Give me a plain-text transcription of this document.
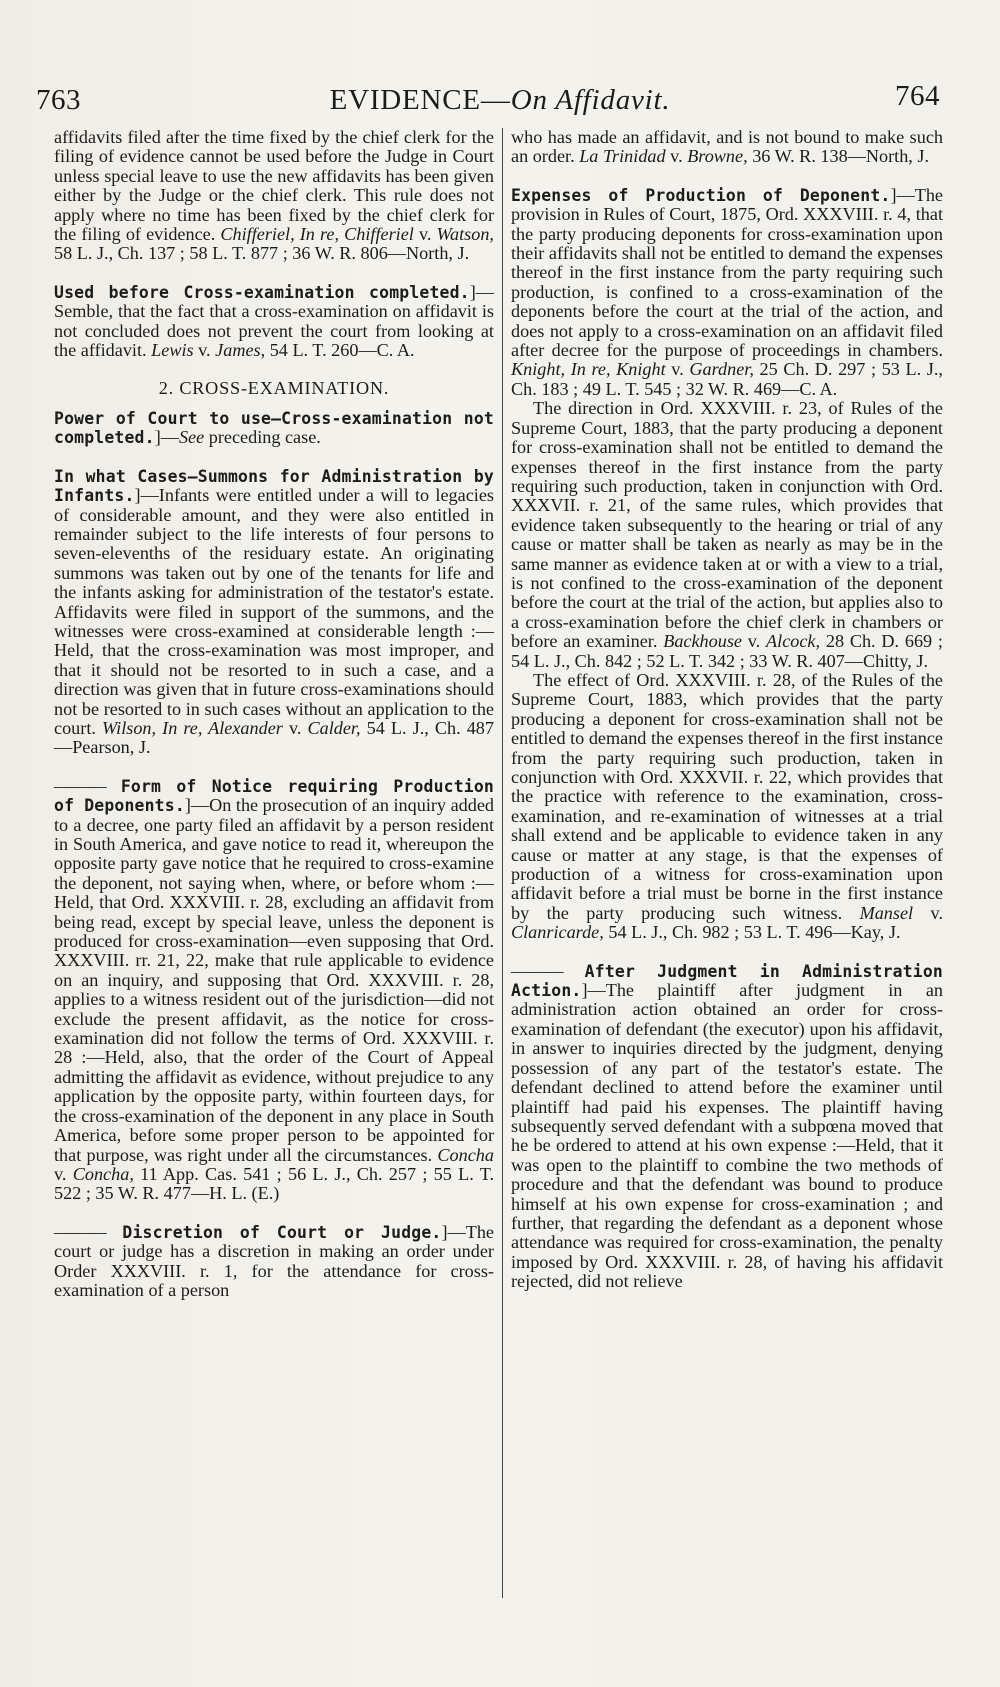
763	EVIDENCE—On Affidavit.	764

affidavits filed after the time fixed by the chief clerk for the filing of evidence cannot be used before the Judge in Court unless special leave to use the new affidavits has been given either by the Judge or the chief clerk. This rule does not apply where no time has been fixed by the chief clerk for the filing of evidence. Chifferiel, In re, Chifferiel v. Watson, 58 L. J., Ch. 137 ; 58 L. T. 877 ; 36 W. R. 806—North, J.

Used before Cross-examination completed.]—Semble, that the fact that a cross-examination on affidavit is not concluded does not prevent the court from looking at the affidavit. Lewis v. James, 54 L. T. 260—C. A.

2. CROSS-EXAMINATION.

Power of Court to use—Cross-examination not completed.]—See preceding case.

In what Cases—Summons for Administration by Infants.]—Infants were entitled under a will to legacies of considerable amount, and they were also entitled in remainder subject to the life interests of four persons to seven-elevenths of the residuary estate. An originating summons was taken out by one of the tenants for life and the infants asking for administration of the testator's estate. Affidavits were filed in support of the summons, and the witnesses were cross-examined at considerable length :—Held, that the cross-examination was most improper, and that it should not be resorted to in such a case, and a direction was given that in future cross-examinations should not be resorted to in such cases without an application to the court. Wilson, In re, Alexander v. Calder, 54 L. J., Ch. 487—Pearson, J.

——— Form of Notice requiring Production of Deponents.]—On the prosecution of an inquiry added to a decree, one party filed an affidavit by a person resident in South America, and gave notice to read it, whereupon the opposite party gave notice that he required to cross-examine the deponent, not saying when, where, or before whom :—Held, that Ord. XXXVIII. r. 28, excluding an affidavit from being read, except by special leave, unless the deponent is produced for cross-examination—even supposing that Ord. XXXVIII. rr. 21, 22, make that rule applicable to evidence on an inquiry, and supposing that Ord. XXXVIII. r. 28, applies to a witness resident out of the jurisdiction—did not exclude the present affidavit, as the notice for cross-examination did not follow the terms of Ord. XXXVIII. r. 28 :—Held, also, that the order of the Court of Appeal admitting the affidavit as evidence, without prejudice to any application by the opposite party, within fourteen days, for the cross-examination of the deponent in any place in South America, before some proper person to be appointed for that purpose, was right under all the circumstances. Concha v. Concha, 11 App. Cas. 541 ; 56 L. J., Ch. 257 ; 55 L. T. 522 ; 35 W. R. 477—H. L. (E.)

——— Discretion of Court or Judge.]—The court or judge has a discretion in making an order under Order XXXVIII. r. 1, for the attendance for cross-examination of a person

who has made an affidavit, and is not bound to make such an order. La Trinidad v. Browne, 36 W. R. 138—North, J.

Expenses of Production of Deponent.]—The provision in Rules of Court, 1875, Ord. XXXVIII. r. 4, that the party producing deponents for cross-examination upon their affidavits shall not be entitled to demand the expenses thereof in the first instance from the party requiring such production, is confined to a cross-examination of the deponents before the court at the trial of the action, and does not apply to a cross-examination on an affidavit filed after decree for the purpose of proceedings in chambers. Knight, In re, Knight v. Gardner, 25 Ch. D. 297 ; 53 L. J., Ch. 183 ; 49 L. T. 545 ; 32 W. R. 469—C. A.

The direction in Ord. XXXVIII. r. 23, of Rules of the Supreme Court, 1883, that the party producing a deponent for cross-examination shall not be entitled to demand the expenses thereof in the first instance from the party requiring such production, taken in conjunction with Ord. XXXVII. r. 21, of the same rules, which provides that evidence taken subsequently to the hearing or trial of any cause or matter shall be taken as nearly as may be in the same manner as evidence taken at or with a view to a trial, is not confined to the cross-examination of the deponent before the court at the trial of the action, but applies also to a cross-examination before the chief clerk in chambers or before an examiner. Backhouse v. Alcock, 28 Ch. D. 669 ; 54 L. J., Ch. 842 ; 52 L. T. 342 ; 33 W. R. 407—Chitty, J.

The effect of Ord. XXXVIII. r. 28, of the Rules of the Supreme Court, 1883, which provides that the party producing a deponent for cross-examination shall not be entitled to demand the expenses thereof in the first instance from the party requiring such production, taken in conjunction with Ord. XXXVII. r. 22, which provides that the practice with reference to the examination, cross-examination, and re-examination of witnesses at a trial shall extend and be applicable to evidence taken in any cause or matter at any stage, is that the expenses of production of a witness for cross-examination upon affidavit before a trial must be borne in the first instance by the party producing such witness. Mansel v. Clanricarde, 54 L. J., Ch. 982 ; 53 L. T. 496—Kay, J.

——— After Judgment in Administration Action.]—The plaintiff after judgment in an administration action obtained an order for cross-examination of defendant (the executor) upon his affidavit, in answer to inquiries directed by the judgment, denying possession of any part of the testator's estate. The defendant declined to attend before the examiner until plaintiff had paid his expenses. The plaintiff having subsequently served defendant with a subpœna moved that he be ordered to attend at his own expense :—Held, that it was open to the plaintiff to combine the two methods of procedure and that the defendant was bound to produce himself at his own expense for cross-examination ; and further, that regarding the defendant as a deponent whose attendance was required for cross-examination, the penalty imposed by Ord. XXXVIII. r. 28, of having his affidavit rejected, did not relieve
